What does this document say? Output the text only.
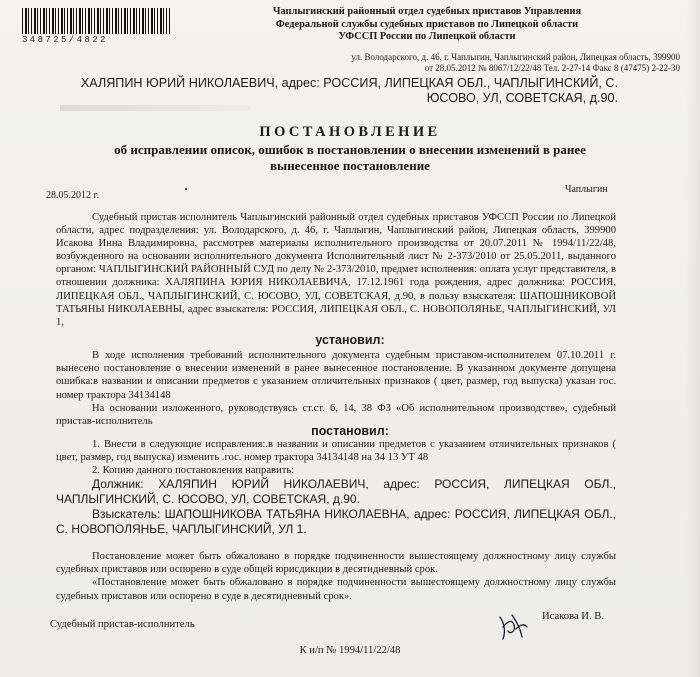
348725/4822
Чаплыгинский районный отдел судебных приставов Управления
Федеральной службы судебных приставов по Липецкой области
УФССП России по Липецкой области
ул. Володарского, д. 46, г. Чаплыгин, Чаплыгинский район, Липецкая область, 399900
от 28.05.2012 № 8067/12/22/48 Тел. 2-27-14 Факс 8 (47475) 2-22-30
ХАЛЯПИН ЮРИЙ НИКОЛАЕВИЧ, адрес: РОССИЯ, ЛИПЕЦКАЯ ОБЛ., ЧАПЛЫГИНСКИЙ, С.
ЮСОВО, УЛ, СОВЕТСКАЯ, д.90.
ПОСТАНОВЛЕНИЕ
об исправлении описок, ошибок в постановлении о внесении изменений в ранее вынесенное постановление
28.05.2012 г.
Чаплыгин

Судебный пристав исполнитель Чаплыгинский районный отдел судебных приставов УФССП России по Липецкой области, адрес подразделения: ул. Володарского, д. 46, г. Чаплыгин, Чаплыгинский район, Липецкая область, 399900 Исакова Инна Владимировна, рассмотрев материалы исполнительного производства от 20.07.2011 № 1994/11/22/48, возбужденного на основании исполнительного документа Исполнительный лист № 2-373/2010 от 25.05.2011, выданного органом: ЧАПЛЫГИНСКИЙ РАЙОННЫЙ СУД по делу № 2-373/2010, предмет исполнения: оплата услуг представителя, в отношении должника: ХАЛЯПИНА ЮРИЯ НИКОЛАЕВИЧА, 17.12.1961 года рождения, адрес должника: РОССИЯ, ЛИПЕЦКАЯ ОБЛ., ЧАПЛЫГИНСКИЙ, С. ЮСОВО, УЛ, СОВЕТСКАЯ, д.90, в пользу взыскателя: ШАПОШНИКОВОЙ ТАТЬЯНЫ НИКОЛАЕВНЫ, адрес взыскателя: РОССИЯ, ЛИПЕЦКАЯ ОБЛ., С. НОВОПОЛЯНЬЕ, ЧАПЛЫГИНСКИЙ, УЛ 1,

установил:

В ходе исполнения требований исполнительного документа судебным приставом-исполнителем 07.10.2011 г. вынесено постановление о внесении изменений в ранее вынесенное постановление. В указанном документе допущена ошибка:в названии и описании предметов с указанием отличительных признаков ( цвет, размер, год выпуска) указан гос. номер трактора 34134148

На основании изложенного, руководствуясь ст.ст. 6, 14, 38 ФЗ «Об исполнительном производстве», судебный пристав-исполнитель

постановил:

1. Внести в следующие исправления:.в названии и описании предметов с указанием отличительных признаков ( цвет, размер, год выпуска) изменить .гос. номер трактора 34134148 на 34 13 УТ 48

2. Копию данного постановления направить:

Должник: ХАЛЯПИН ЮРИЙ НИКОЛАЕВИЧ, адрес: РОССИЯ, ЛИПЕЦКАЯ ОБЛ., ЧАПЛЫГИНСКИЙ, С. ЮСОВО, УЛ, СОВЕТСКАЯ, д.90.

Взыскатель: ШАПОШНИКОВА ТАТЬЯНА НИКОЛАЕВНА, адрес: РОССИЯ, ЛИПЕЦКАЯ ОБЛ., С. НОВОПОЛЯНЬЕ, ЧАПЛЫГИНСКИЙ, УЛ 1.

Постановление может быть обжаловано в порядке подчиненности вышестоящему должностному лицу службы судебных приставов или оспорено в суде общей юрисдикции в десятидневный срок.

«Постановление может быть обжаловано в порядке подчиненности вышестоящему должностному лицу службы судебных приставов или оспорено в суде в десятидневный срок».

Судебный пристав-исполнитель
Исакова И. В.
К и/п № 1994/11/22/48
